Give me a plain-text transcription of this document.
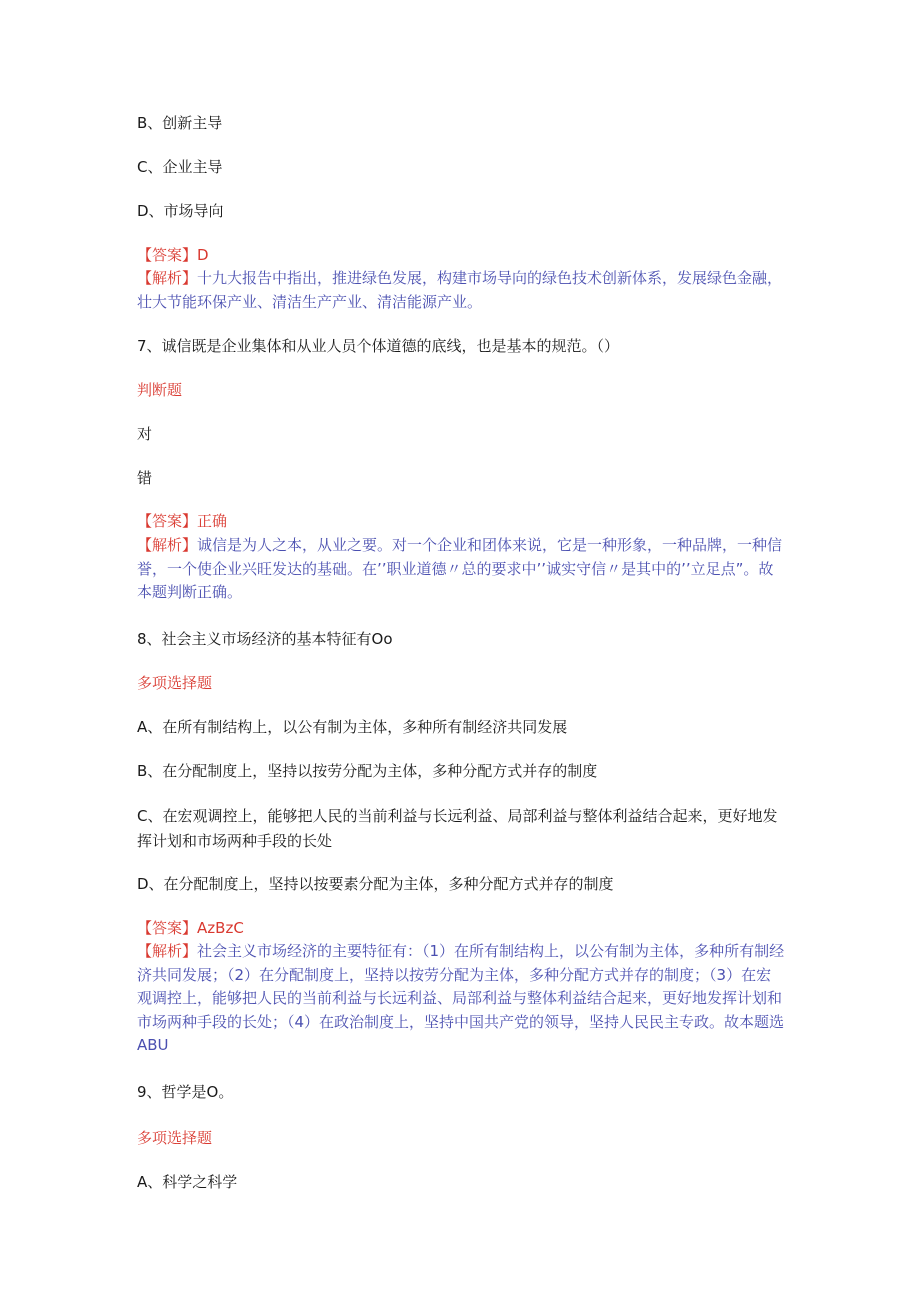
B、创新主导
C、企业主导
D、市场导向
【答案】D
【解析】十九大报告中指出，推进绿色发展，构建市场导向的绿色技术创新体系，发展绿色金融，壮大节能环保产业、清洁生产产业、清洁能源产业。
7、诚信既是企业集体和从业人员个体道德的底线，也是基本的规范。（）
判断题
对
错
【答案】正确
【解析】诚信是为人之本，从业之要。对一个企业和团体来说，它是一种形象，一种品牌，一种信誉，一个使企业兴旺发达的基础。在’’职业道德〃总的要求中’’诚实守信〃是其中的’’立足点”。故本题判断正确。
8、社会主义市场经济的基本特征有Oo
多项选择题
A、在所有制结构上，以公有制为主体，多种所有制经济共同发展
B、在分配制度上，坚持以按劳分配为主体，多种分配方式并存的制度
C、在宏观调控上，能够把人民的当前利益与长远利益、局部利益与整体利益结合起来，更好地发挥计划和市场两种手段的长处
D、在分配制度上，坚持以按要素分配为主体，多种分配方式并存的制度
【答案】AzBzC
【解析】社会主义市场经济的主要特征有：（1）在所有制结构上，以公有制为主体，多种所有制经济共同发展；（2）在分配制度上，坚持以按劳分配为主体，多种分配方式并存的制度；（3）在宏观调控上，能够把人民的当前利益与长远利益、局部利益与整体利益结合起来，更好地发挥计划和市场两种手段的长处；（4）在政治制度上，坚持中国共产党的领导，坚持人民民主专政。故本题选ABU
9、哲学是O。
多项选择题
A、科学之科学
